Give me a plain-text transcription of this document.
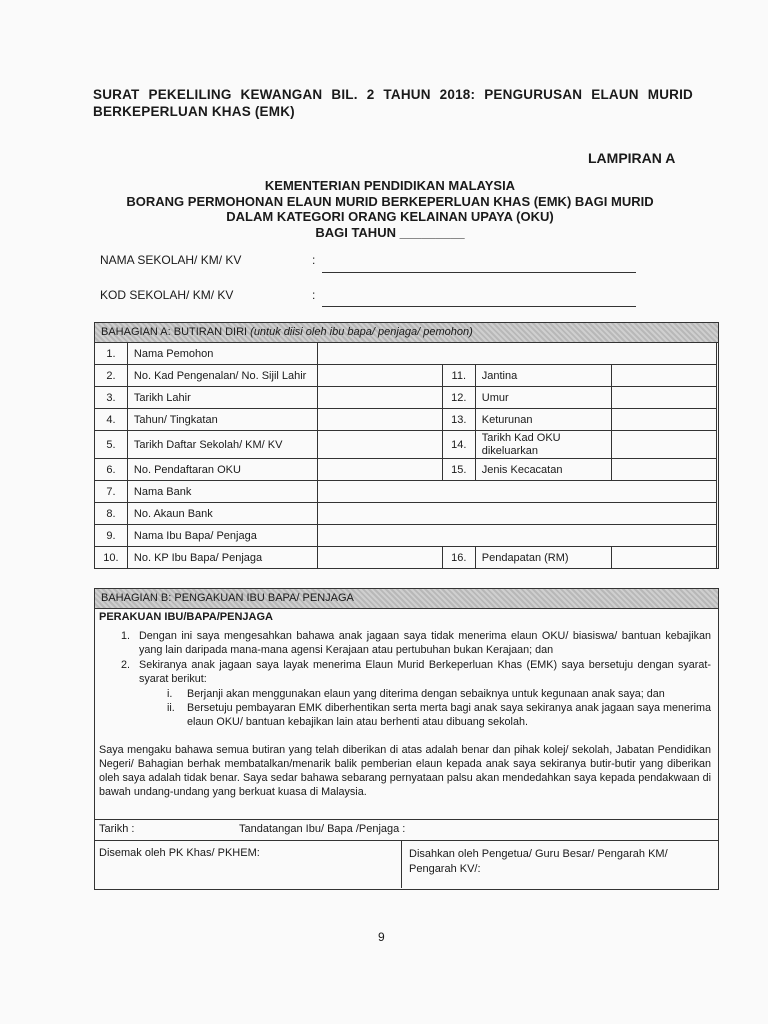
SURAT PEKELILING KEWANGAN BIL. 2 TAHUN 2018: PENGURUSAN ELAUN MURID BERKEPERLUAN KHAS (EMK)
LAMPIRAN A
KEMENTERIAN PENDIDIKAN MALAYSIA
BORANG PERMOHONAN ELAUN MURID BERKEPERLUAN KHAS (EMK) BAGI MURID
DALAM KATEGORI ORANG KELAINAN UPAYA (OKU)
BAGI TAHUN _________
NAMA SEKOLAH/ KM/ KV	:
KOD SEKOLAH/ KM/ KV	:
BAHAGIAN A: BUTIRAN DIRI (untuk diisi oleh ibu bapa/ penjaga/ pemohon)
1.	Nama Pemohon				
2.	No. Kad Pengenalan/ No. Sijil Lahir		11.	Jantina	
3.	Tarikh Lahir		12.	Umur	
4.	Tahun/ Tingkatan		13.	Keturunan	
5.	Tarikh Daftar Sekolah/ KM/ KV		14.	Tarikh Kad OKU dikeluarkan	
6.	No. Pendaftaran OKU		15.	Jenis Kecacatan	
7.	Nama Bank				
8.	No. Akaun Bank				
9.	Nama Ibu Bapa/ Penjaga				
10.	No. KP Ibu Bapa/ Penjaga		16.	Pendapatan (RM)	
BAHAGIAN B: PENGAKUAN IBU BAPA/ PENJAGA
PERAKUAN IBU/BAPA/PENJAGA
1. Dengan ini saya mengesahkan bahawa anak jagaan saya tidak menerima elaun OKU/ biasiswa/ bantuan kebajikan yang lain daripada mana-mana agensi Kerajaan atau pertubuhan bukan Kerajaan; dan
2. Sekiranya anak jagaan saya layak menerima Elaun Murid Berkeperluan Khas (EMK) saya bersetuju dengan syarat-syarat berikut:
i.	Berjanji akan menggunakan elaun yang diterima dengan sebaiknya untuk kegunaan anak saya; dan
ii.	Bersetuju pembayaran EMK diberhentikan serta merta bagi anak saya sekiranya anak jagaan saya menerima elaun OKU/ bantuan kebajikan lain atau berhenti atau dibuang sekolah.
Saya mengaku bahawa semua butiran yang telah diberikan di atas adalah benar dan pihak kolej/ sekolah, Jabatan Pendidikan Negeri/ Bahagian berhak membatalkan/menarik balik pemberian elaun kepada anak saya sekiranya butir-butir yang diberikan oleh saya adalah tidak benar. Saya sedar bahawa sebarang pernyataan palsu akan mendedahkan saya kepada pendakwaan di bawah undang-undang yang berkuat kuasa di Malaysia.
Tarikh :	Tandatangan Ibu/ Bapa /Penjaga :
Disemak oleh PK Khas/ PKHEM:	Disahkan oleh Pengetua/ Guru Besar/ Pengarah KM/ Pengarah KV/:
9
